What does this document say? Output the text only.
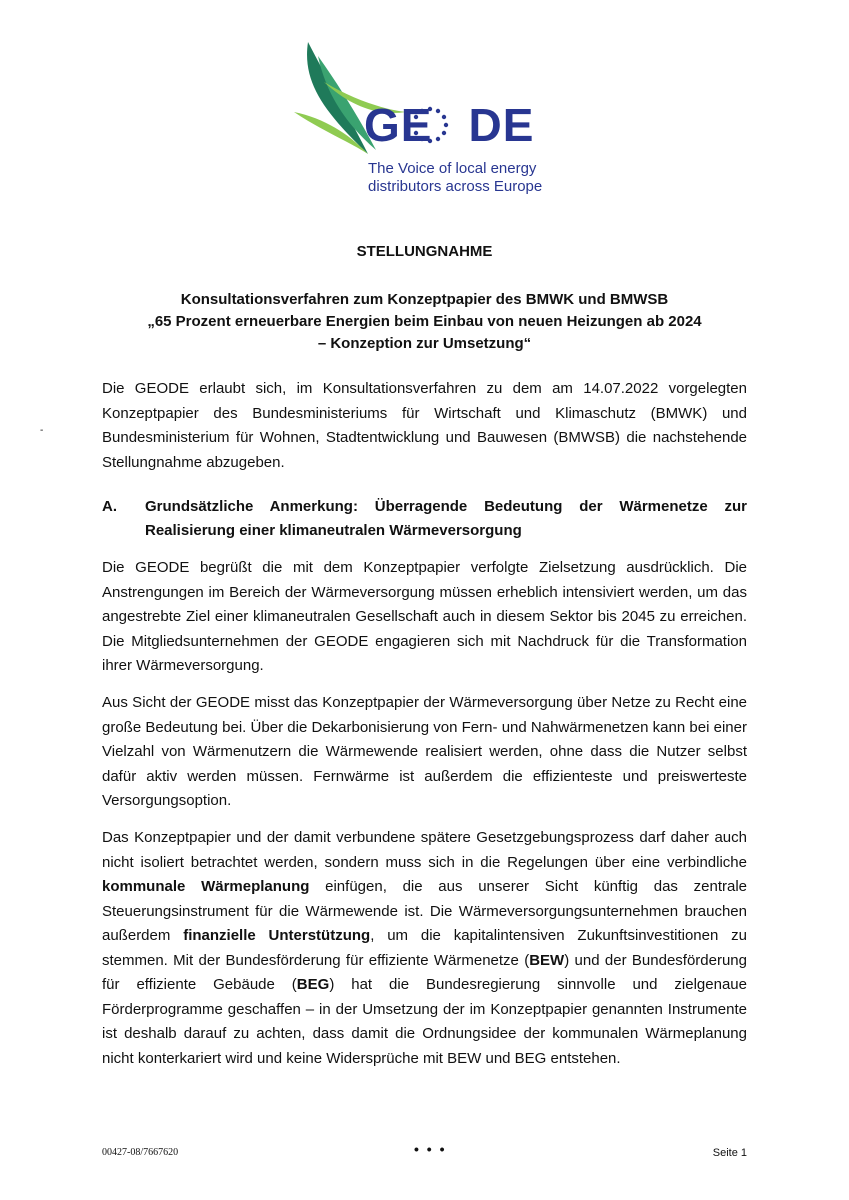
GE DE
The Voice of local energy
distributors across Europe
STELLUNGNAHME
Konsultationsverfahren zum Konzeptpapier des BMWK und BMWSB
„65 Prozent erneuerbare Energien beim Einbau von neuen Heizungen ab 2024
– Konzeption zur Umsetzung“
-

Die GEODE erlaubt sich, im Konsultationsverfahren zu dem am 14.07.2022 vorgelegten Konzeptpapier des Bundesministeriums für Wirtschaft und Klimaschutz (BMWK) und Bundesministerium für Wohnen, Stadtentwicklung und Bauwesen (BMWSB) die nachstehende Stellungnahme abzugeben.

A. Grundsätzliche Anmerkung: Überragende Bedeutung der Wärmenetze zur Realisierung einer klimaneutralen Wärmeversorgung

Die GEODE begrüßt die mit dem Konzeptpapier verfolgte Zielsetzung ausdrücklich. Die Anstrengungen im Bereich der Wärmeversorgung müssen erheblich intensiviert werden, um das angestrebte Ziel einer klimaneutralen Gesellschaft auch in diesem Sektor bis 2045 zu erreichen. Die Mitgliedsunternehmen der GEODE engagieren sich mit Nachdruck für die Transformation ihrer Wärmeversorgung.

Aus Sicht der GEODE misst das Konzeptpapier der Wärmeversorgung über Netze zu Recht eine große Bedeutung bei. Über die Dekarbonisierung von Fern- und Nahwärmenetzen kann bei einer Vielzahl von Wärmenutzern die Wärmewende realisiert werden, ohne dass die Nutzer selbst dafür aktiv werden müssen. Fernwärme ist außerdem die effizienteste und preiswerteste Versorgungsoption.

Das Konzeptpapier und der damit verbundene spätere Gesetzgebungsprozess darf daher auch nicht isoliert betrachtet werden, sondern muss sich in die Regelungen über eine verbindliche kommunale Wärmeplanung einfügen, die aus unserer Sicht künftig das zentrale Steuerungsinstrument für die Wärmewende ist. Die Wärmeversorgungsunternehmen brauchen außerdem finanzielle Unterstützung, um die kapitalintensiven Zukunftsinvestitionen zu stemmen. Mit der Bundesförderung für effiziente Wärmenetze (BEW) und der Bundesförderung für effiziente Gebäude (BEG) hat die Bundesregierung sinnvolle und zielgenaue Förderprogramme geschaffen – in der Umsetzung der im Konzeptpapier genannten Instrumente ist deshalb darauf zu achten, dass damit die Ordnungsidee der kommunalen Wärmeplanung nicht konterkariert wird und keine Widersprüche mit BEW und BEG entstehen.

00427-08/7667620	• • •	Seite 1
